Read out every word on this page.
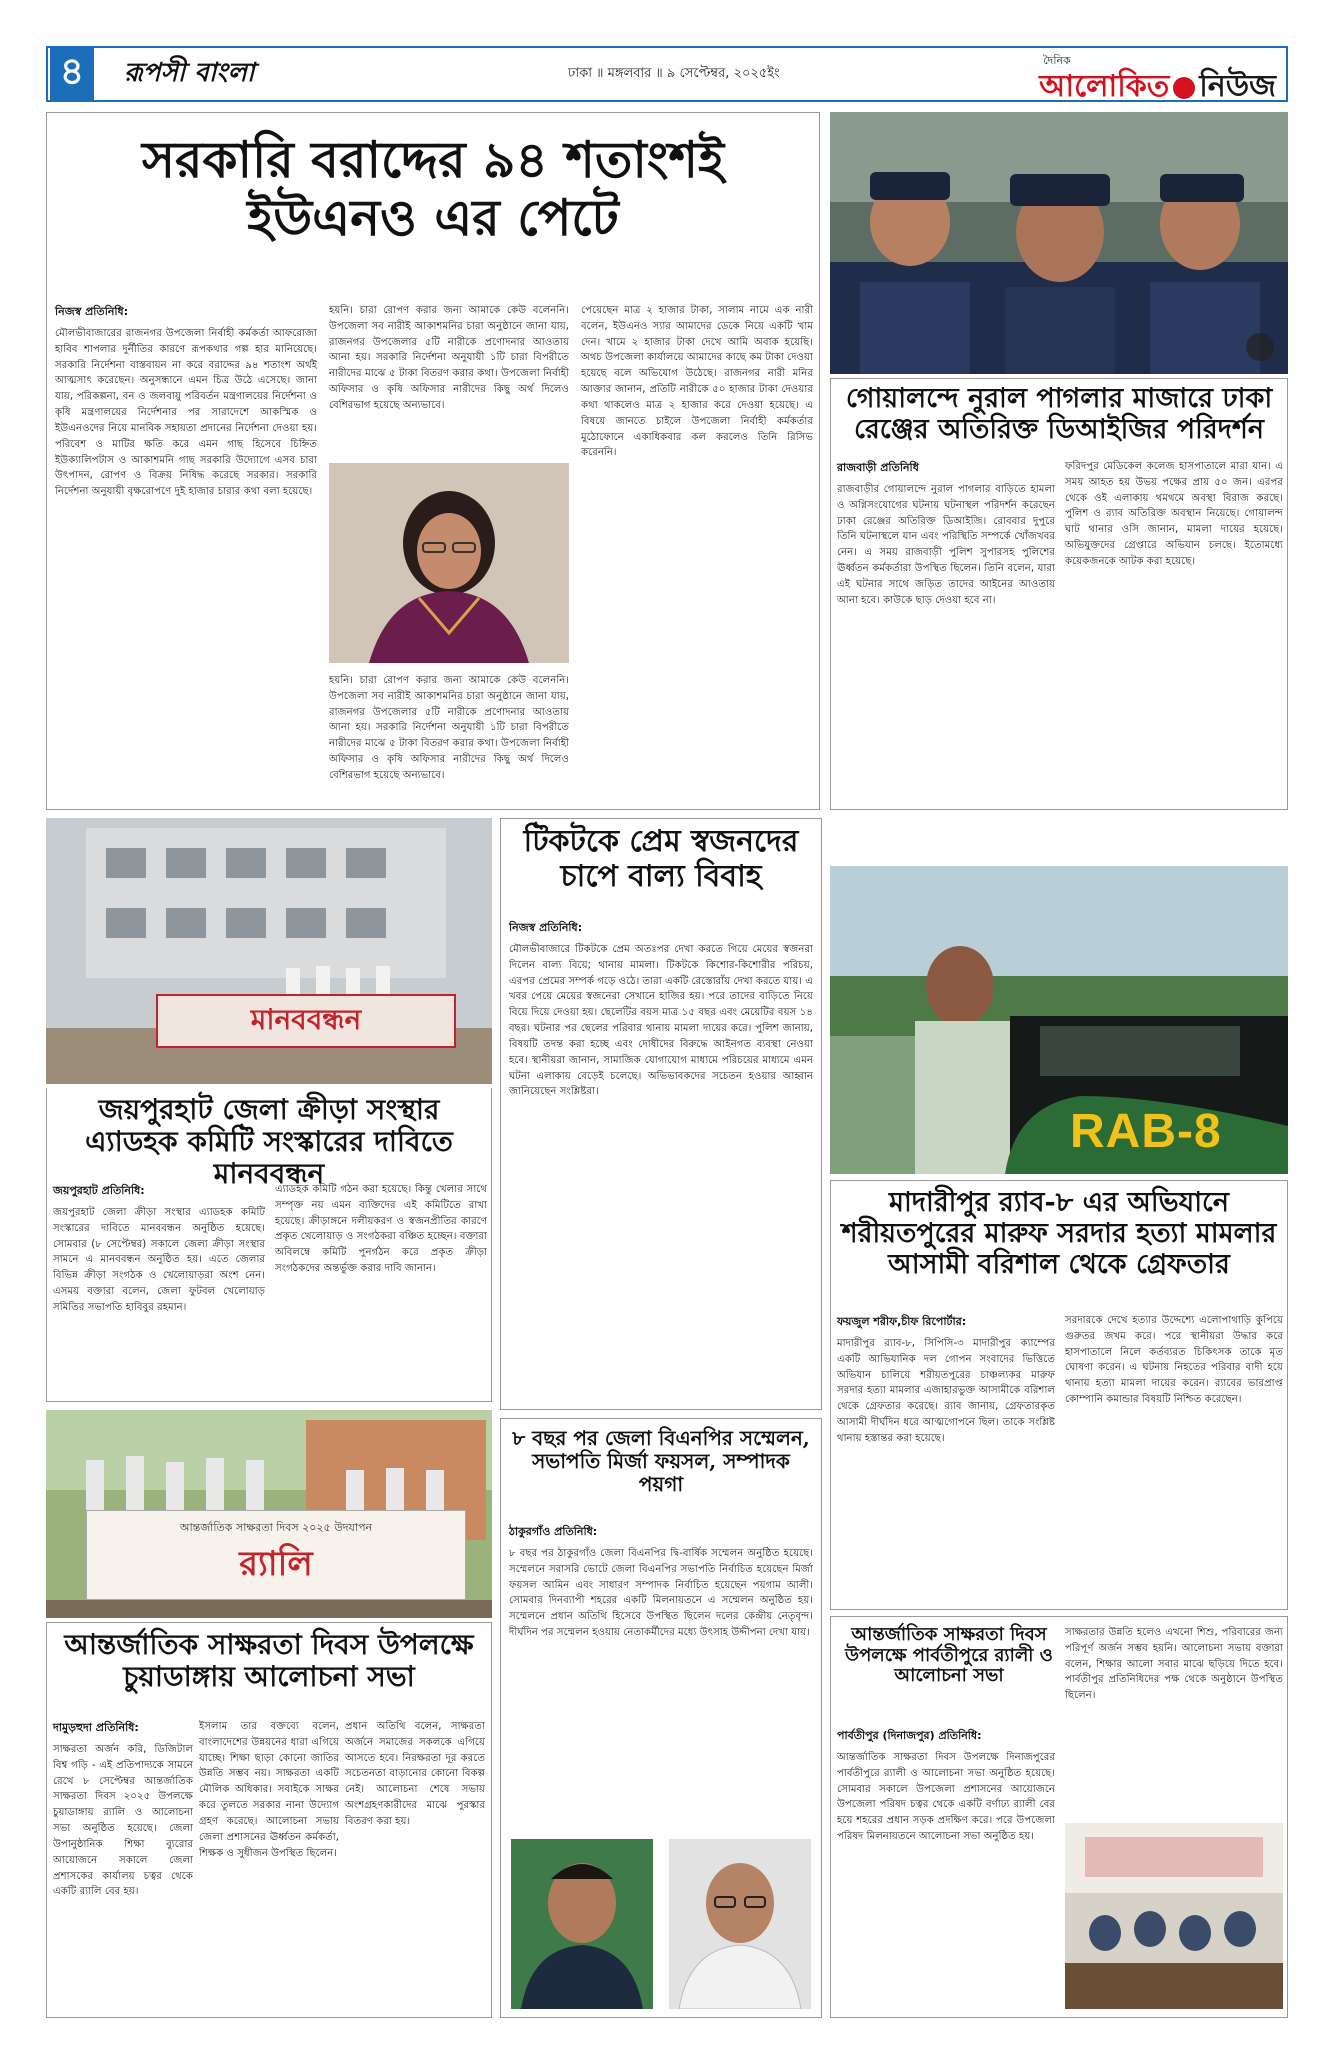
৪	রূপসী বাংলা	ঢাকা ॥ মঙ্গলবার ॥ ৯ সেপ্টেম্বর, ২০২৫ইং
দৈনিক
আলোকিত নিউজ
সরকারি বরাদ্দের ৯৪ শতাংশই ইউএনও এর পেটে
নিজস্ব প্রতিনিধি:
মৌলভীবাজারের রাজনগর উপজেলা নির্বাহী কর্মকর্তা আফরোজা হাবিব শাপলার দুর্নীতির কারণে রূপকথার গল্প হার মানিয়েছে। সরকারি নির্দেশনা বাস্তবায়ন না করে বরাদ্দের ৯৪ শতাংশ অর্থই আত্মসাৎ করেছেন। অনুসন্ধানে এমন চিত্র উঠে এসেছে। জানা যায়, পরিকল্পনা, বন ও জলবায়ু পরিবর্তন মন্ত্রণালয়ের নির্দেশনা ও কৃষি মন্ত্রণালয়ের নির্দেশনার পর সারাদেশে আকস্মিক ও ইউএনওদের নিয়ে মানবিক সহায়তা প্রদানের নির্দেশনা দেওয়া হয়। পরিবেশ ও মাটির ক্ষতি করে এমন গাছ হিসেবে চিহ্নিত ইউক্যালিপটাস ও আকাশমনি গাছ সরকারি উদ্যোগে এসব চারা উৎপাদন, রোপণ ও বিক্রয় নিষিদ্ধ করেছে সরকার। সরকারি নির্দেশনা অনুযায়ী বৃক্ষরোপণে দুই হাজার চারার কথা বলা হয়েছে।
হয়নি। চারা রোপণ করার জন্য আমাকে কেউ বলেননি। উপজেলা সব নারীই আকাশমনির চারা অনুষ্ঠানে জানা যায়, রাজনগর উপজেলার ৫টি নারীকে প্রণোদনার আওতায় আনা হয়। সরকারি নির্দেশনা অনুযায়ী ১টি চারা বিপরীতে নারীদের মাঝে ৫ টাকা বিতরণ করার কথা। উপজেলা নির্বাহী অফিসার ও কৃষি অফিসার নারীদের কিছু অর্থ দিলেও বেশিরভাগ হয়েছে অন্যভাবে।
হয়নি। চারা রোপণ করার জন্য আমাকে কেউ বলেননি। উপজেলা সব নারীই আকাশমনির চারা অনুষ্ঠানে জানা যায়, রাজনগর উপজেলার ৫টি নারীকে প্রণোদনার আওতায় আনা হয়। সরকারি নির্দেশনা অনুযায়ী ১টি চারা বিপরীতে নারীদের মাঝে ৫ টাকা বিতরণ করার কথা। উপজেলা নির্বাহী অফিসার ও কৃষি অফিসার নারীদের কিছু অর্থ দিলেও বেশিরভাগ হয়েছে অন্যভাবে।
পেয়েছেন মাত্র ২ হাজার টাকা, সালাম নামে এক নারী বলেন, ইউএনও স্যার আমাদের ডেকে নিয়ে একটি খাম দেন। খামে ২ হাজার টাকা দেখে আমি অবাক হয়েছি। অথচ উপজেলা কার্যালয়ে আমাদের কাছে কম টাকা দেওয়া হয়েছে বলে অভিযোগ উঠেছে। রাজনগর নারী মনির আক্তার জানান, প্রতিটি নারীকে ৫০ হাজার টাকা দেওয়ার কথা থাকলেও মাত্র ২ হাজার করে দেওয়া হয়েছে। এ বিষয়ে জানতে চাইলে উপজেলা নির্বাহী কর্মকর্তার মুঠোফোনে একাধিকবার কল করলেও তিনি রিসিভ করেননি।
গোয়ালন্দে নুরাল পাগলার মাজারে ঢাকা রেঞ্জের অতিরিক্ত ডিআইজির পরিদর্শন
রাজবাড়ী প্রতিনিধি
রাজবাড়ীর গোয়ালন্দে নুরাল পাগলার বাড়িতে হামলা ও অগ্নিসংযোগের ঘটনায় ঘটনাস্থল পরিদর্শন করেছেন ঢাকা রেঞ্জের অতিরিক্ত ডিআইজি। রোববার দুপুরে তিনি ঘটনাস্থলে যান এবং পরিস্থিতি সম্পর্কে খোঁজখবর নেন। এ সময় রাজবাড়ী পুলিশ সুপারসহ পুলিশের ঊর্ধ্বতন কর্মকর্তারা উপস্থিত ছিলেন। তিনি বলেন, যারা এই ঘটনার সাথে জড়িত তাদের আইনের আওতায় আনা হবে। কাউকে ছাড় দেওয়া হবে না।
ফরিদপুর মেডিকেল কলেজ হাসপাতালে মারা যান। এ সময় আহত হয় উভয় পক্ষের প্রায় ৫০ জন। এরপর থেকে ওই এলাকায় থমথমে অবস্থা বিরাজ করছে। পুলিশ ও র‌্যাব অতিরিক্ত অবস্থান নিয়েছে। গোয়ালন্দ ঘাট থানার ওসি জানান, মামলা দায়ের হয়েছে। অভিযুক্তদের গ্রেপ্তারে অভিযান চলছে। ইতোমধ্যে কয়েকজনকে আটক করা হয়েছে।
মানববন্ধন
জয়পুরহাট জেলা ক্রীড়া সংস্থার এ্যাডহক কমিটি সংস্কারের দাবিতে মানববন্ধন
জয়পুরহাট প্রতিনিধি:
জয়পুরহাট জেলা ক্রীড়া সংস্থার এ্যাডহক কমিটি সংস্কারের দাবিতে মানববন্ধন অনুষ্ঠিত হয়েছে। সোমবার (৮ সেপ্টেম্বর) সকালে জেলা ক্রীড়া সংস্থার সামনে এ মানববন্ধন অনুষ্ঠিত হয়। এতে জেলার বিভিন্ন ক্রীড়া সংগঠক ও খেলোয়াড়রা অংশ নেন। এসময় বক্তারা বলেন, জেলা ফুটবল খেলোয়াড় সমিতির সভাপতি হাবিবুর রহমান।
এ্যাডহক কমিটি গঠন করা হয়েছে। কিন্তু খেলার সাথে সম্পৃক্ত নয় এমন ব্যক্তিদের এই কমিটিতে রাখা হয়েছে। ক্রীড়াঙ্গনে দলীয়করণ ও স্বজনপ্রীতির কারণে প্রকৃত খেলোয়াড় ও সংগঠকরা বঞ্চিত হচ্ছেন। বক্তারা অবিলম্বে কমিটি পুনর্গঠন করে প্রকৃত ক্রীড়া সংগঠকদের অন্তর্ভুক্ত করার দাবি জানান।
টিকটকে প্রেম স্বজনদের চাপে বাল্য বিবাহ
নিজস্ব প্রতিনিধি:
মৌলভীবাজারে টিকটকে প্রেম অতঃপর দেখা করতে গিয়ে মেয়ের স্বজনরা দিলেন বাল্য বিয়ে; থানায় মামলা। টিকটকে কিশোর-কিশোরীর পরিচয়, এরপর প্রেমের সম্পর্ক গড়ে ওঠে। তারা একটি রেস্তোরাঁয় দেখা করতে যায়। এ খবর পেয়ে মেয়ের স্বজনেরা সেখানে হাজির হয়। পরে তাদের বাড়িতে নিয়ে বিয়ে দিয়ে দেওয়া হয়। ছেলেটির বয়স মাত্র ১৫ বছর এবং মেয়েটির বয়স ১৪ বছর। ঘটনার পর ছেলের পরিবার থানায় মামলা দায়ের করে। পুলিশ জানায়, বিষয়টি তদন্ত করা হচ্ছে এবং দোষীদের বিরুদ্ধে আইনগত ব্যবস্থা নেওয়া হবে। স্থানীয়রা জানান, সামাজিক যোগাযোগ মাধ্যমে পরিচয়ের মাধ্যমে এমন ঘটনা এলাকায় বেড়েই চলেছে। অভিভাবকদের সচেতন হওয়ার আহ্বান জানিয়েছেন সংশ্লিষ্টরা।
RAB-8
মাদারীপুর র‌্যাব-৮ এর অভিযানে শরীয়তপুরের মারুফ সরদার হত্যা মামলার আসামী বরিশাল থেকে গ্রেফতার
ফয়জুল শরীফ,চীফ রিপোর্টার:
মাদারীপুর র‌্যাব-৮, সিপিসি-৩ মাদারীপুর ক্যাম্পের একটি আভিযানিক দল গোপন সংবাদের ভিত্তিতে অভিযান চালিয়ে শরীয়তপুরের চাঞ্চল্যকর মারুফ সরদার হত্যা মামলার এজাহারভুক্ত আসামীকে বরিশাল থেকে গ্রেফতার করেছে। র‌্যাব জানায়, গ্রেফতারকৃত আসামী দীর্ঘদিন ধরে আত্মগোপনে ছিল। তাকে সংশ্লিষ্ট থানায় হস্তান্তর করা হয়েছে।
সরদারকে দেখে হত্যার উদ্দেশ্যে এলোপাথাড়ি কুপিয়ে গুরুতর জখম করে। পরে স্থানীয়রা উদ্ধার করে হাসপাতালে নিলে কর্তব্যরত চিকিৎসক তাকে মৃত ঘোষণা করেন। এ ঘটনায় নিহতের পরিবার বাদী হয়ে থানায় হত্যা মামলা দায়ের করেন। র‌্যাবের ভারপ্রাপ্ত কোম্পানি কমান্ডার বিষয়টি নিশ্চিত করেছেন।
৮ বছর পর জেলা বিএনপির সম্মেলন, সভাপতি মির্জা ফয়সল, সম্পাদক পয়গা
ঠাকুরগাঁও প্রতিনিধি:
৮ বছর পর ঠাকুরগাঁও জেলা বিএনপির দ্বি-বার্ষিক সম্মেলন অনুষ্ঠিত হয়েছে। সম্মেলনে সরাসরি ভোটে জেলা বিএনপির সভাপতি নির্বাচিত হয়েছেন মির্জা ফয়সল আমিন এবং সাধারণ সম্পাদক নির্বাচিত হয়েছেন পয়গাম আলী। সোমবার দিনব্যাপী শহরের একটি মিলনায়তনে এ সম্মেলন অনুষ্ঠিত হয়। সম্মেলনে প্রধান অতিথি হিসেবে উপস্থিত ছিলেন দলের কেন্দ্রীয় নেতৃবৃন্দ। দীর্ঘদিন পর সম্মেলন হওয়ায় নেতাকর্মীদের মধ্যে উৎসাহ উদ্দীপনা দেখা যায়।
আন্তর্জাতিক সাক্ষরতা দিবস ২০২৫ উদযাপন
র‌্যালি
আন্তর্জাতিক সাক্ষরতা দিবস উপলক্ষে চুয়াডাঙ্গায় আলোচনা সভা
দামুড়হুদা প্রতিনিধি:
সাক্ষরতা অর্জন করি, ডিজিটাল বিশ্ব গড়ি - এই প্রতিপাদ্যকে সামনে রেখে ৮ সেপ্টেম্বর আন্তর্জাতিক সাক্ষরতা দিবস ২০২৫ উপলক্ষে চুয়াডাঙ্গায় র‌্যালি ও আলোচনা সভা অনুষ্ঠিত হয়েছে। জেলা উপানুষ্ঠানিক শিক্ষা ব্যুরোর আয়োজনে সকালে জেলা প্রশাসকের কার্যালয় চত্বর থেকে একটি র‌্যালি বের হয়।
ইসলাম তার বক্তব্যে বলেন, বাংলাদেশের উন্নয়নের ধারা এগিয়ে যাচ্ছে। শিক্ষা ছাড়া কোনো জাতির উন্নতি সম্ভব নয়। সাক্ষরতা একটি মৌলিক অধিকার। সবাইকে সাক্ষর করে তুলতে সরকার নানা উদ্যোগ গ্রহণ করেছে। আলোচনা সভায় জেলা প্রশাসনের ঊর্ধ্বতন কর্মকর্তা, শিক্ষক ও সুধীজন উপস্থিত ছিলেন।
প্রধান অতিথি বলেন, সাক্ষরতা অর্জনে সমাজের সকলকে এগিয়ে আসতে হবে। নিরক্ষরতা দূর করতে সচেতনতা বাড়ানোর কোনো বিকল্প নেই। আলোচনা শেষে সভায় অংশগ্রহণকারীদের মাঝে পুরস্কার বিতরণ করা হয়।
আন্তর্জাতিক সাক্ষরতা দিবস উপলক্ষে পার্বতীপুরে র‌্যালী ও আলোচনা সভা
পার্বতীপুর (দিনাজপুর) প্রতিনিধি:
আন্তর্জাতিক সাক্ষরতা দিবস উপলক্ষে দিনাজপুরের পার্বতীপুরে র‌্যালী ও আলোচনা সভা অনুষ্ঠিত হয়েছে। সোমবার সকালে উপজেলা প্রশাসনের আয়োজনে উপজেলা পরিষদ চত্বর থেকে একটি বর্ণাঢ্য র‌্যালী বের হয়ে শহরের প্রধান সড়ক প্রদক্ষিণ করে। পরে উপজেলা পরিষদ মিলনায়তনে আলোচনা সভা অনুষ্ঠিত হয়।
সাক্ষরতার উন্নতি হলেও এখনো শিশু, পরিবারের জন্য পরিপূর্ণ অর্জন সম্ভব হয়নি। আলোচনা সভায় বক্তারা বলেন, শিক্ষার আলো সবার মাঝে ছড়িয়ে দিতে হবে। পার্বতীপুর প্রতিনিধিদের পক্ষ থেকে অনুষ্ঠানে উপস্থিত ছিলেন।
